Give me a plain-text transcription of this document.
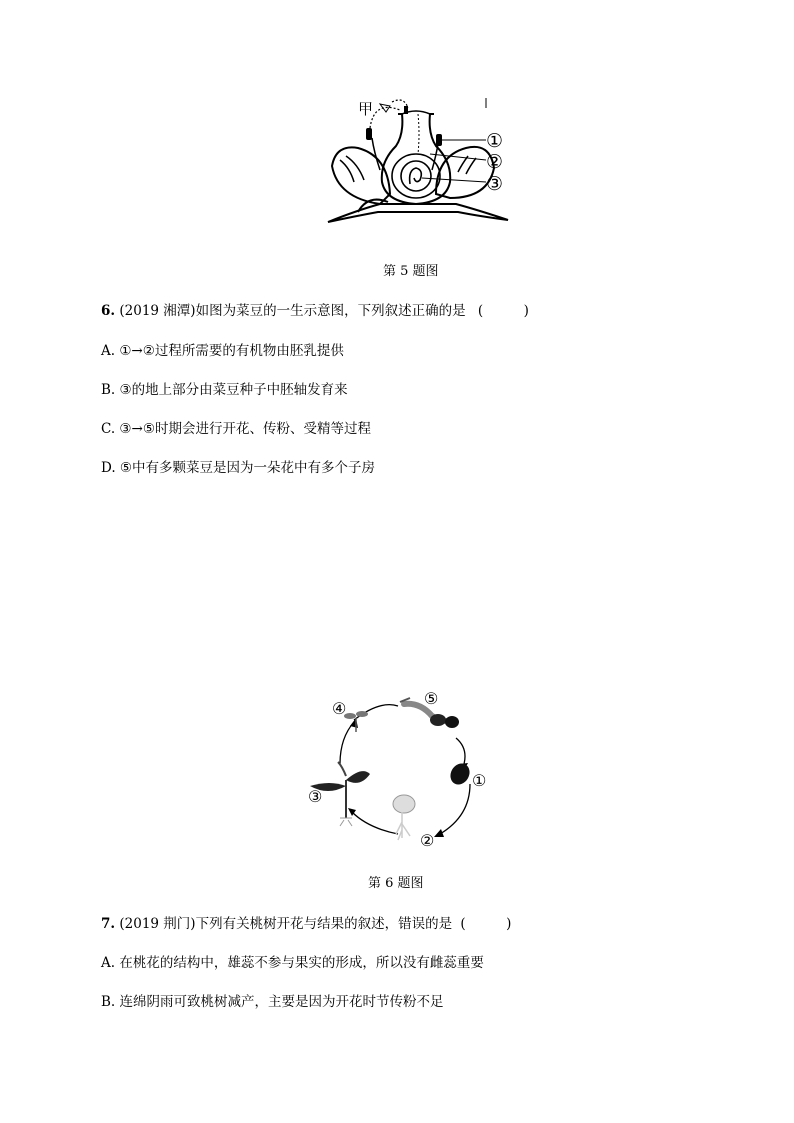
甲
①
②
③
第 5 题图
6. (2019 湘潭)如图为菜豆的一生示意图，下列叙述正确的是 (　　　)
A. ①→②过程所需要的有机物由胚乳提供
B. ③的地上部分由菜豆种子中胚轴发育来
C. ③→⑤时期会进行开花、传粉、受精等过程
D. ⑤中有多颗菜豆是因为一朵花中有多个子房
⑤
①
②
③
④
第 6 题图
7. (2019 荆门)下列有关桃树开花与结果的叙述，错误的是 (　　　)
A. 在桃花的结构中，雄蕊不参与果实的形成，所以没有雌蕊重要
B. 连绵阴雨可致桃树减产，主要是因为开花时节传粉不足
